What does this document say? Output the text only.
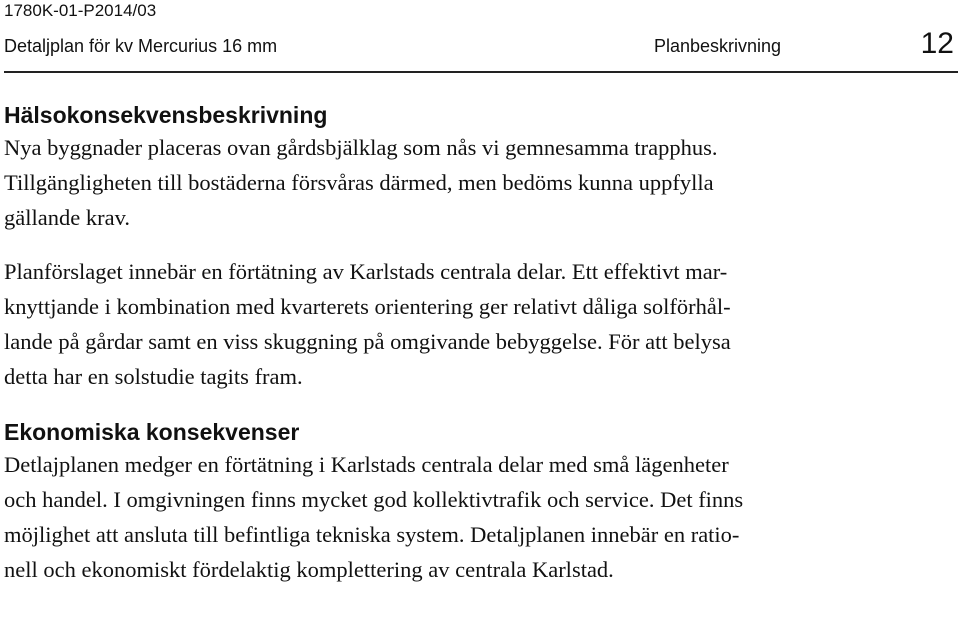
1780K-01-P2014/03
Detaljplan för kv Mercurius 16 mm	Planbeskrivning	12
Hälsokonsekvensbeskrivning

Nya byggnader placeras ovan gårdsbjälklag som nås vi gemnesamma trapphus.
Tillgängligheten till bostäderna försvåras därmed, men bedöms kunna uppfylla
gällande krav.

Planförslaget innebär en förtätning av Karlstads centrala delar. Ett effektivt mar-
knyttjande i kombination med kvarterets orientering ger relativt dåliga solförhål-
lande på gårdar samt en viss skuggning på omgivande bebyggelse. För att belysa
detta har en solstudie tagits fram.

Ekonomiska konsekvenser

Detlajplanen medger en förtätning i Karlstads centrala delar med små lägenheter
och handel. I omgivningen finns mycket god kollektivtrafik och service. Det finns
möjlighet att ansluta till befintliga tekniska system. Detaljplanen innebär en ratio-
nell och ekonomiskt fördelaktig komplettering av centrala Karlstad.
